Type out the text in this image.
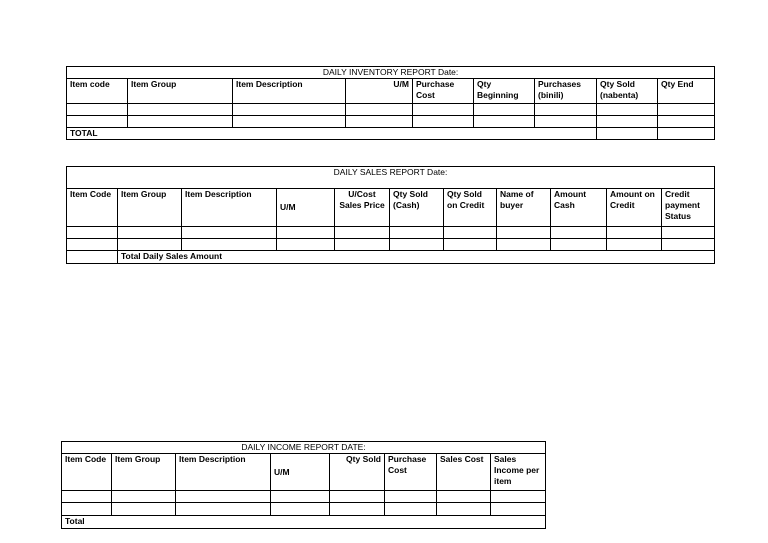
DAILY INVENTORY REPORT Date:								
Item code	Item Group	Item Description	U/M	Purchase Cost	Qty Beginning	Purchases (binili)	Qty Sold (nabenta)	Qty End

TOTAL								
DAILY SALES REPORT Date:										
Item Code	Item Group	Item Description	U/M	U/Cost Sales Price	Qty Sold (Cash)	Qty Sold on Credit	Name of buyer	Amount Cash	Amount on Credit	Credit payment Status

	Total Daily Sales Amount									
DAILY INCOME REPORT DATE:							
Item Code	Item Group	Item Description	U/M	Qty Sold	Purchase Cost	Sales Cost	Sales Income per item

Total							
